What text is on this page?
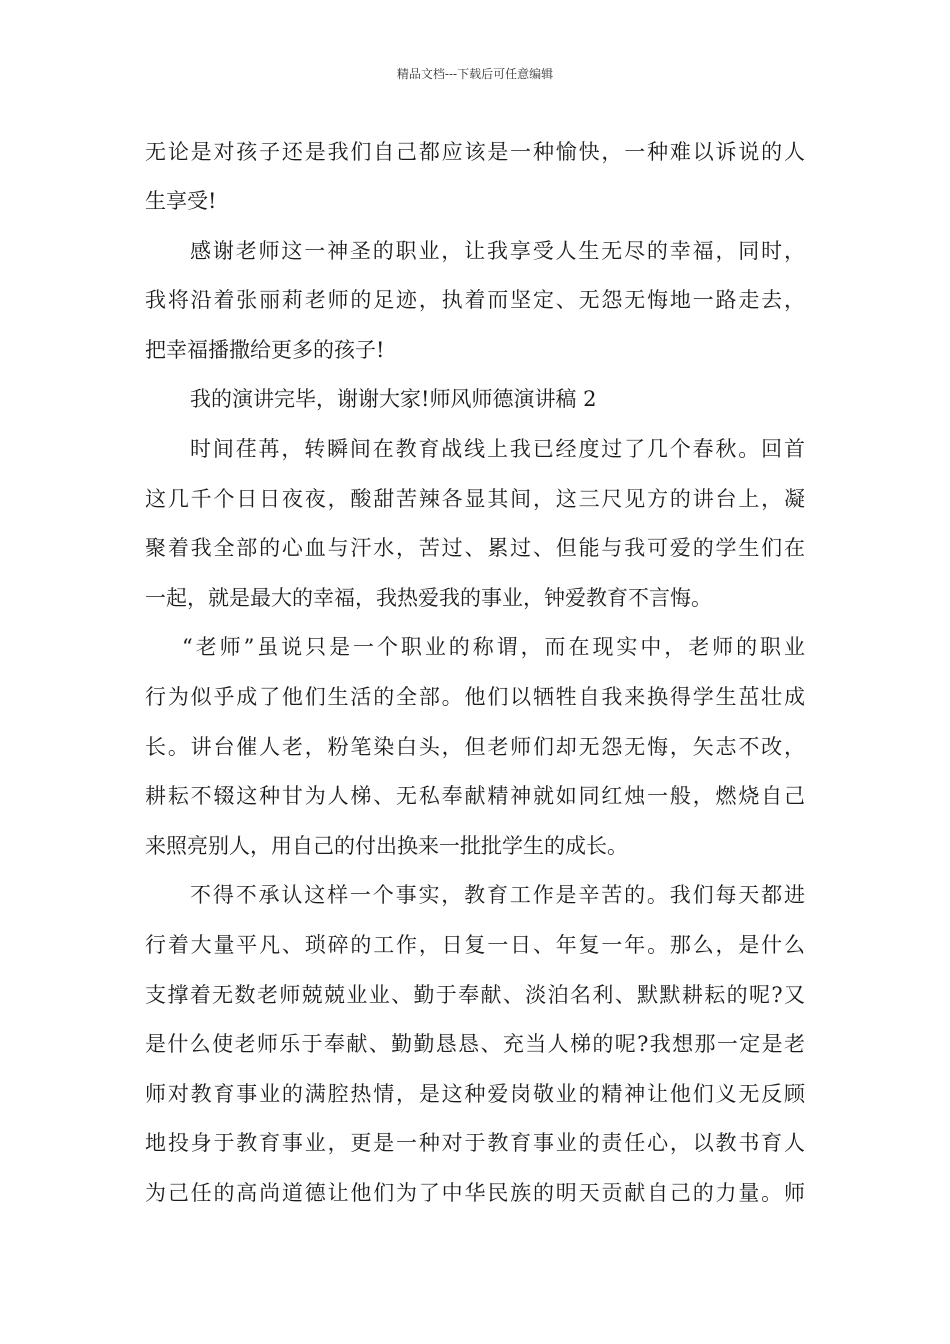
精品文档---下载后可任意编辑
无论是对孩子还是我们自己都应该是一种愉快，一种难以诉说的人
生享受!
感谢老师这一神圣的职业，让我享受人生无尽的幸福，同时，
我将沿着张丽莉老师的足迹，执着而坚定、无怨无悔地一路走去，
把幸福播撒给更多的孩子!
我的演讲完毕，谢谢大家!师风师德演讲稿 2
时间荏苒，转瞬间在教育战线上我已经度过了几个春秋。回首
这几千个日日夜夜，酸甜苦辣各显其间，这三尺见方的讲台上，凝
聚着我全部的心血与汗水，苦过、累过、但能与我可爱的学生们在
一起，就是最大的幸福，我热爱我的事业，钟爱教育不言悔。
“老师”虽说只是一个职业的称谓，而在现实中，老师的职业
行为似乎成了他们生活的全部。他们以牺牲自我来换得学生茁壮成
长。讲台催人老，粉笔染白头，但老师们却无怨无悔，矢志不改，
耕耘不辍这种甘为人梯、无私奉献精神就如同红烛一般，燃烧自己
来照亮别人，用自己的付出换来一批批学生的成长。
不得不承认这样一个事实，教育工作是辛苦的。我们每天都进
行着大量平凡、琐碎的工作，日复一日、年复一年。那么，是什么
支撑着无数老师兢兢业业、勤于奉献、淡泊名利、默默耕耘的呢?又
是什么使老师乐于奉献、勤勤恳恳、充当人梯的呢?我想那一定是老
师对教育事业的满腔热情，是这种爱岗敬业的精神让他们义无反顾
地投身于教育事业，更是一种对于教育事业的责任心，以教书育人
为己任的高尚道德让他们为了中华民族的明天贡献自己的力量。师
